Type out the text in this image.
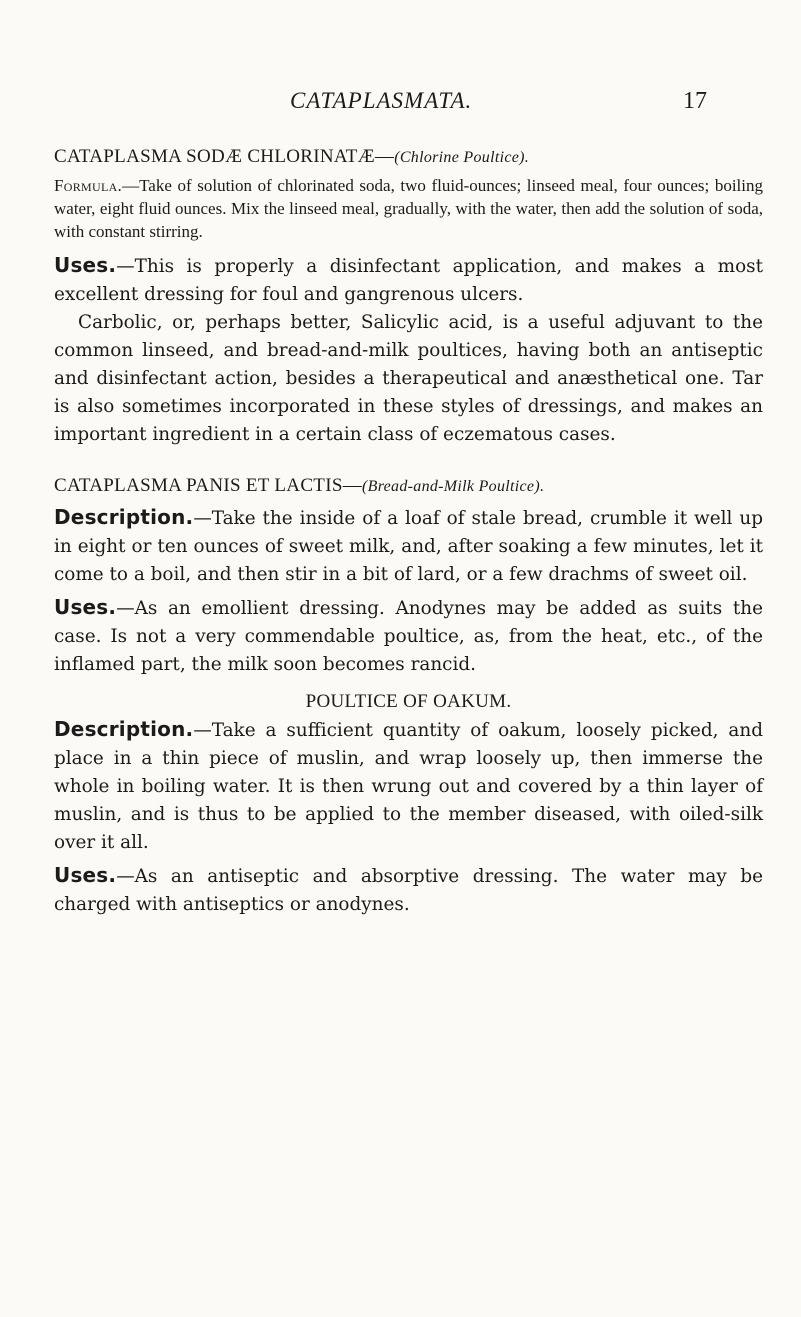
CATAPLASMATA.	17
CATAPLASMA SODÆ CHLORINATÆ—(Chlorine Poultice).

Formula.—Take of solution of chlorinated soda, two fluid-ounces; linseed meal, four ounces; boiling water, eight fluid ounces. Mix the linseed meal, gradually, with the water, then add the solution of soda, with constant stirring.

Uses.—This is properly a disinfectant application, and makes a most excellent dressing for foul and gangrenous ulcers.

Carbolic, or, perhaps better, Salicylic acid, is a useful adjuvant to the common linseed, and bread-and-milk poultices, having both an antiseptic and disinfectant action, besides a therapeutical and anæsthetical one. Tar is also sometimes incorporated in these styles of dressings, and makes an important ingredient in a certain class of eczematous cases.

CATAPLASMA PANIS ET LACTIS—(Bread-and-Milk Poultice).

Description.—Take the inside of a loaf of stale bread, crumble it well up in eight or ten ounces of sweet milk, and, after soaking a few minutes, let it come to a boil, and then stir in a bit of lard, or a few drachms of sweet oil.

Uses.—As an emollient dressing. Anodynes may be added as suits the case. Is not a very commendable poultice, as, from the heat, etc., of the inflamed part, the milk soon becomes rancid.

POULTICE OF OAKUM.

Description.—Take a sufficient quantity of oakum, loosely picked, and place in a thin piece of muslin, and wrap loosely up, then immerse the whole in boiling water. It is then wrung out and covered by a thin layer of muslin, and is thus to be applied to the member diseased, with oiled-silk over it all.

Uses.—As an antiseptic and absorptive dressing. The water may be charged with antiseptics or anodynes.
